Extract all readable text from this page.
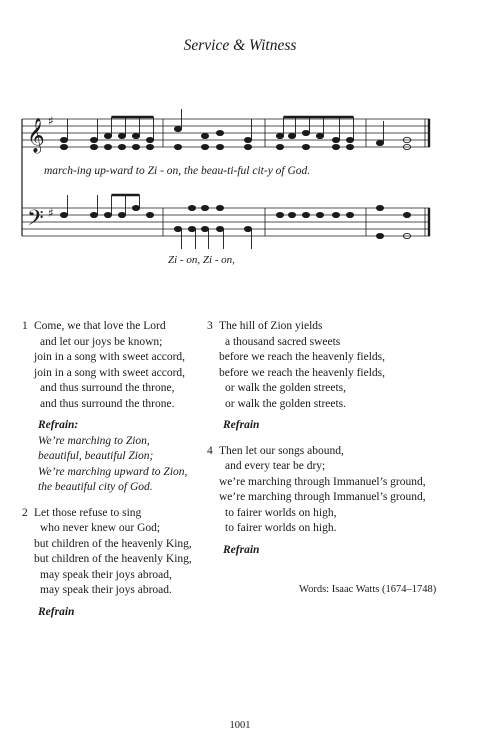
Service & Witness
𝄞
𝄢
♯
♯
march-ing up-ward to Zi - on, the beau-ti-ful cit-y of God.
Zi - on, Zi - on,
1 Come, we that love the Lord
and let our joys be known;
join in a song with sweet accord,
join in a song with sweet accord,
and thus surround the throne,
and thus surround the throne.
Refrain:
We’re marching to Zion,
beautiful, beautiful Zion;
We’re marching upward to Zion,
the beautiful city of God.
2 Let those refuse to sing
who never knew our God;
but children of the heavenly King,
but children of the heavenly King,
may speak their joys abroad,
may speak their joys abroad.
Refrain
3 The hill of Zion yields
a thousand sacred sweets
before we reach the heavenly fields,
before we reach the heavenly fields,
or walk the golden streets,
or walk the golden streets.
Refrain
4 Then let our songs abound,
and every tear be dry;
we’re marching through Immanuel’s ground,
we’re marching through Immanuel’s ground,
to fairer worlds on high,
to fairer worlds on high.
Refrain
Words: Isaac Watts (1674–1748)
1001
